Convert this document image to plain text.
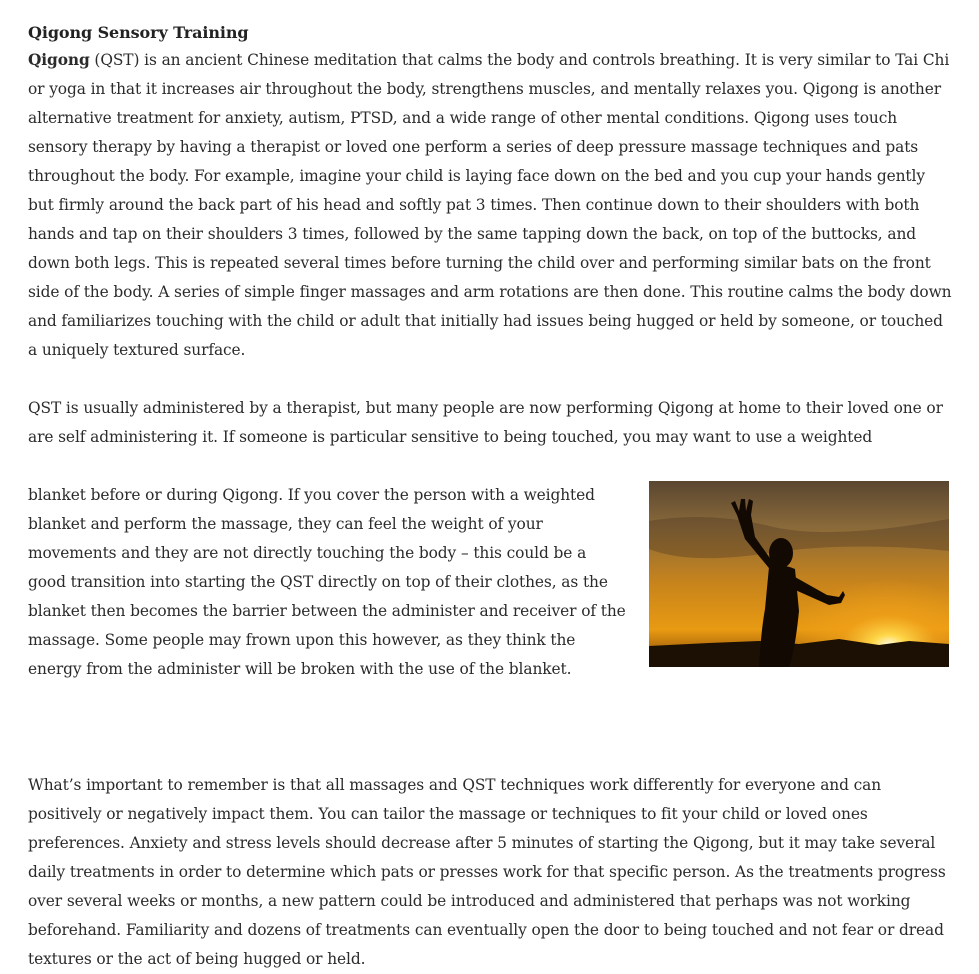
Qigong Sensory Training

Qigong (QST) is an ancient Chinese meditation that calms the body and controls breathing. It is very similar to Tai Chi or yoga in that it increases air throughout the body, strengthens muscles, and mentally relaxes you. Qigong is another alternative treatment for anxiety, autism, PTSD, and a wide range of other mental conditions. Qigong uses touch sensory therapy by having a therapist or loved one perform a series of deep pressure massage techniques and pats throughout the body. For example, imagine your child is laying face down on the bed and you cup your hands gently but firmly around the back part of his head and softly pat 3 times. Then continue down to their shoulders with both hands and tap on their shoulders 3 times, followed by the same tapping down the back, on top of the buttocks, and down both legs. This is repeated several times before turning the child over and performing similar bats on the front side of the body. A series of simple finger massages and arm rotations are then done. This routine calms the body down and familiarizes touching with the child or adult that initially had issues being hugged or held by someone, or touched a uniquely textured surface.

QST is usually administered by a therapist, but many people are now performing Qigong at home to their loved one or are self administering it. If someone is particular sensitive to being touched, you may want to use a weighted

blanket before or during Qigong. If you cover the person with a weighted blanket and perform the massage, they can feel the weight of your movements and they are not directly touching the body – this could be a good transition into starting the QST directly on top of their clothes, as the blanket then becomes the barrier between the administer and receiver of the massage. Some people may frown upon this however, as they think the energy from the administer will be broken with the use of the blanket.

What’s important to remember is that all massages and QST techniques work differently for everyone and can positively or negatively impact them. You can tailor the massage or techniques to fit your child or loved ones preferences. Anxiety and stress levels should decrease after 5 minutes of starting the Qigong, but it may take several daily treatments in order to determine which pats or presses work for that specific person. As the treatments progress over several weeks or months, a new pattern could be introduced and administered that perhaps was not working beforehand. Familiarity and dozens of treatments can eventually open the door to being touched and not fear or dread textures or the act of being hugged or held.
